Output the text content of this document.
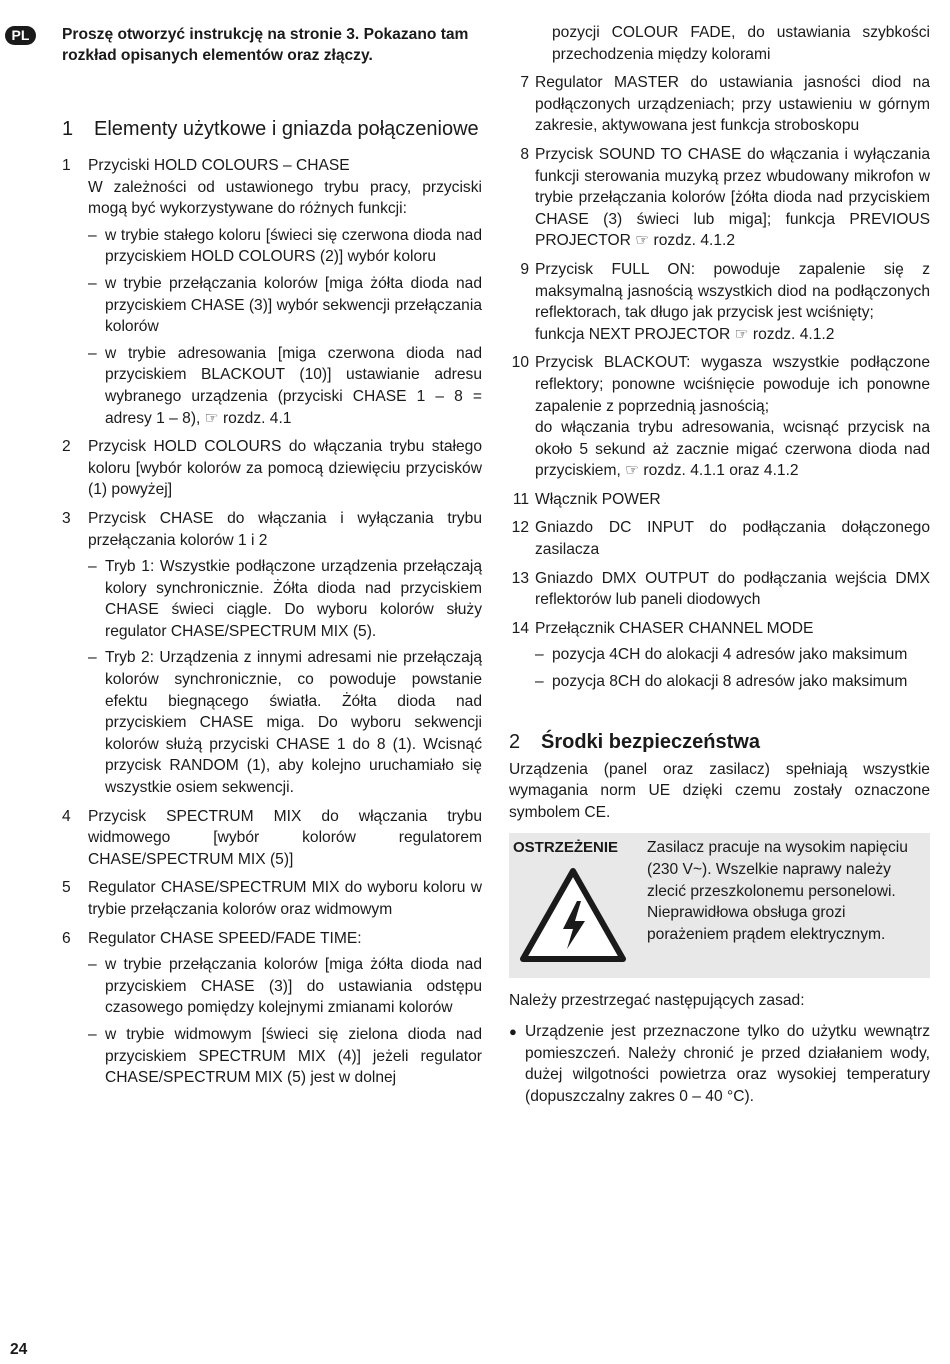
PL	Proszę otworzyć instrukcję na stronie 3. Pokazano tam rozkład opisanych elementów oraz złączy.
1	Elementy użytkowe i gniazda połączeniowe
1	Przyciski HOLD COLOURS – CHASE
W zależności od ustawionego trybu pracy, przyciski mogą być wykorzystywane do różnych funkcji:
– w trybie stałego koloru [świeci się czerwona dioda nad przyciskiem HOLD COLOURS (2)] wybór koloru
– w trybie przełączania kolorów [miga żółta dioda nad przyciskiem CHASE (3)] wybór sekwencji przełączania kolorów
– w trybie adresowania [miga czerwona dioda nad przyciskiem BLACKOUT (10)] ustawianie adresu wybranego urządzenia (przyciski CHASE 1 – 8 = adresy 1 – 8), ☞ rozdz. 4.1
2	Przycisk HOLD COLOURS do włączania trybu stałego koloru [wybór kolorów za pomocą dziewięciu przycisków (1) powyżej]
3	Przycisk CHASE do włączania i wyłączania trybu przełączania kolorów 1 i 2
– Tryb 1: Wszystkie podłączone urządzenia przełączają kolory synchronicznie. Żółta dioda nad przyciskiem CHASE świeci ciągle. Do wyboru kolorów służy regulator CHASE/SPECTRUM MIX (5).
– Tryb 2: Urządzenia z innymi adresami nie przełączają kolorów synchronicznie, co powoduje powstanie efektu biegnącego światła. Żółta dioda nad przyciskiem CHASE miga. Do wyboru sekwencji kolorów służą przyciski CHASE 1 do 8 (1). Wcisnąć przycisk RANDOM (1), aby kolejno uruchamiało się wszystkie osiem sekwencji.
4	Przycisk SPECTRUM MIX do włączania trybu widmowego [wybór kolorów regulatorem CHASE/SPECTRUM MIX (5)]
5	Regulator CHASE/SPECTRUM MIX do wyboru koloru w trybie przełączania kolorów oraz widmowym
6	Regulator CHASE SPEED/FADE TIME:
– w trybie przełączania kolorów [miga żółta dioda nad przyciskiem CHASE (3)] do ustawiania odstępu czasowego pomiędzy kolejnymi zmianami kolorów
– w trybie widmowym [świeci się zielona dioda nad przyciskiem SPECTRUM MIX (4)] jeżeli regulator CHASE/SPECTRUM MIX (5) jest w dolnej
pozycji COLOUR FADE, do ustawiania szybkości przechodzenia między kolorami
7 Regulator MASTER do ustawiania jasności diod na podłączonych urządzeniach; przy ustawieniu w górnym zakresie, aktywowana jest funkcja stroboskopu
8 Przycisk SOUND TO CHASE do włączania i wyłączania funkcji sterowania muzyką przez wbudowany mikrofon w trybie przełączania kolorów [żółta dioda nad przyciskiem CHASE (3) świeci lub miga]; funkcja PREVIOUS PROJECTOR ☞ rozdz. 4.1.2
9 Przycisk FULL ON: powoduje zapalenie się z maksymalną jasnością wszystkich diod na podłączonych reflektorach, tak długo jak przycisk jest wciśnięty;
funkcja NEXT PROJECTOR ☞ rozdz. 4.1.2
10 Przycisk BLACKOUT: wygasza wszystkie podłączone reflektory; ponowne wciśnięcie powoduje ich ponowne zapalenie z poprzednią jasnością;
do włączania trybu adresowania, wcisnąć przycisk na około 5 sekund aż zacznie migać czerwona dioda nad przyciskiem, ☞ rozdz. 4.1.1 oraz 4.1.2
11 Włącznik POWER
12 Gniazdo DC INPUT do podłączania dołączonego zasilacza
13 Gniazdo DMX OUTPUT do podłączania wejścia DMX reflektorów lub paneli diodowych
14 Przełącznik CHASER CHANNEL MODE
– pozycja 4CH do alokacji 4 adresów jako maksimum
– pozycja 8CH do alokacji 8 adresów jako maksimum
2	Środki bezpieczeństwa

Urządzenia (panel oraz zasilacz) spełniają wszystkie wymagania norm UE dzięki czemu zostały oznaczone symbolem CE.

OSTRZEŻENIE	Zasilacz pracuje na wysokim napięciu (230 V~). Wszelkie naprawy należy zlecić przeszkolonemu personelowi. Nieprawidłowa obsługa grozi porażeniem prądem elektrycznym.

Należy przestrzegać następujących zasad:

● Urządzenie jest przeznaczone tylko do użytku wewnątrz pomieszczeń. Należy chronić je przed działaniem wody, dużej wilgotności powietrza oraz wysokiej temperatury (dopuszczalny zakres 0 – 40 °C).
24
